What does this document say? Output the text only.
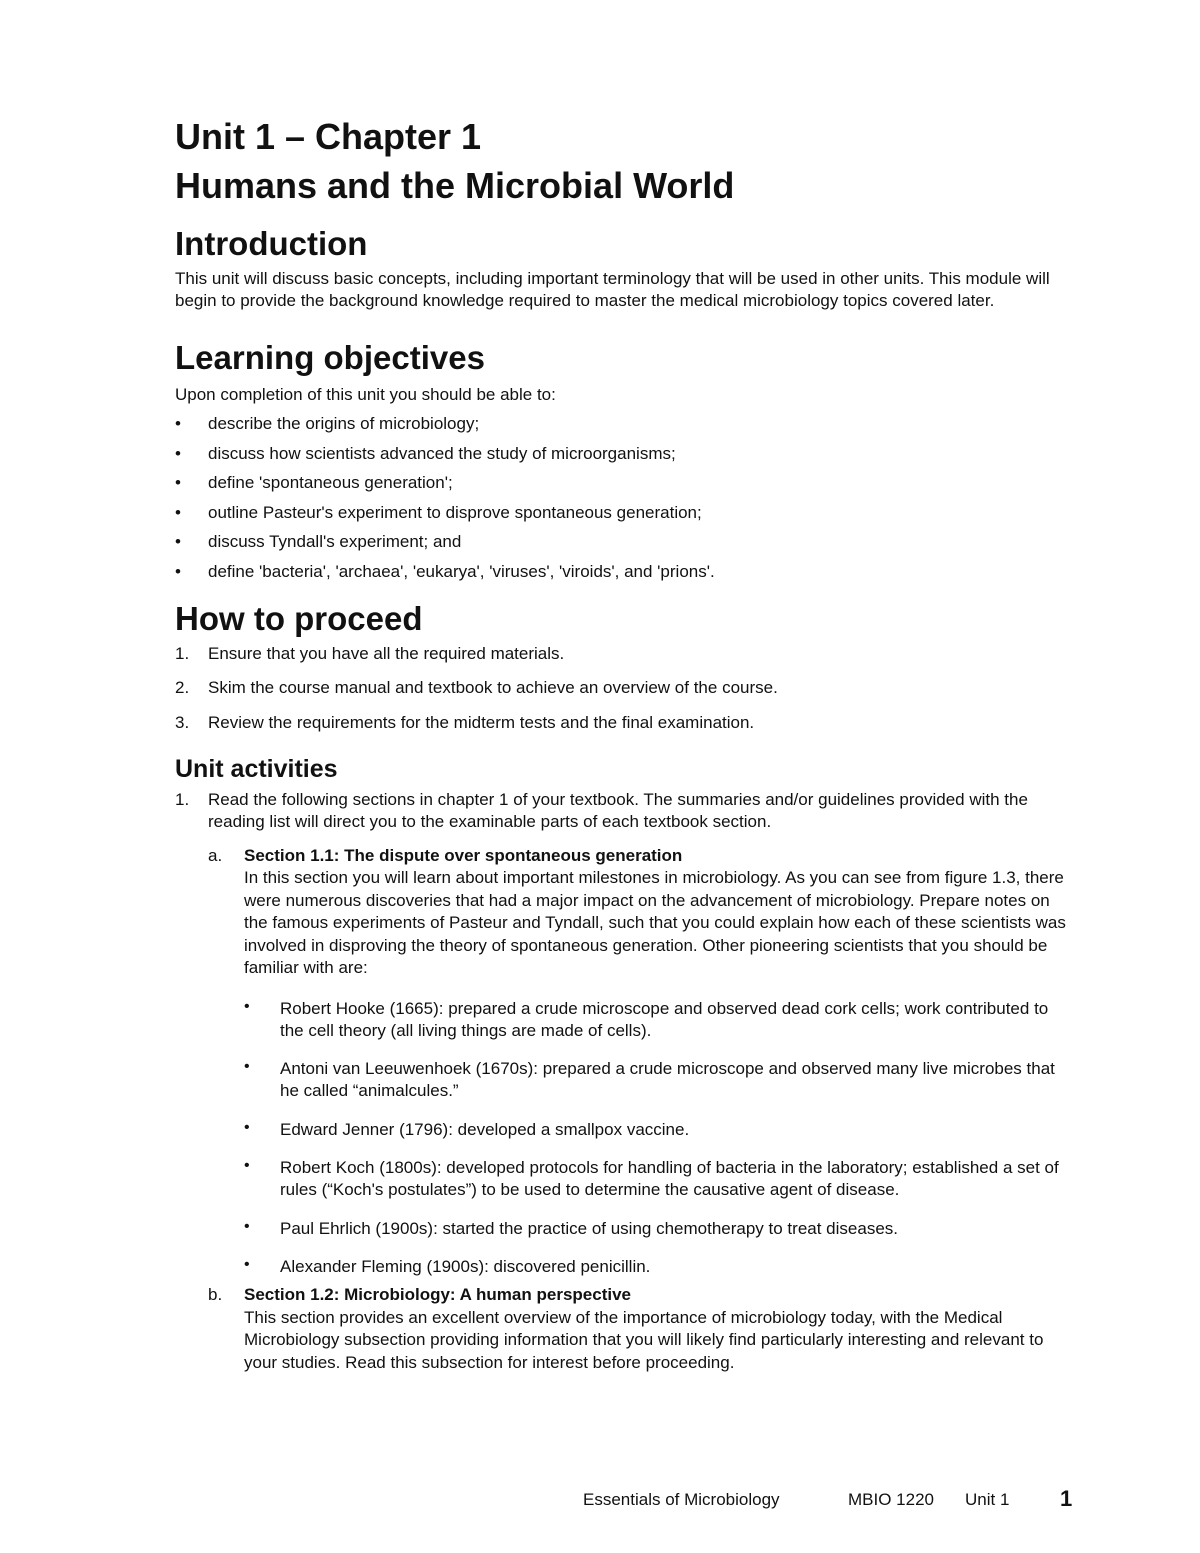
Unit 1 – Chapter 1
Humans and the Microbial World
Introduction

This unit will discuss basic concepts, including important terminology that will be used in other units. This module will begin to provide the background knowledge required to master the medical microbiology topics covered later.

Learning objectives

Upon completion of this unit you should be able to:

• describe the origins of microbiology;
• discuss how scientists advanced the study of microorganisms;
• define 'spontaneous generation';
• outline Pasteur's experiment to disprove spontaneous generation;
• discuss Tyndall's experiment; and
• define 'bacteria', 'archaea', 'eukarya', 'viruses', 'viroids', and 'prions'.
How to proceed
1. Ensure that you have all the required materials.
2. Skim the course manual and textbook to achieve an overview of the course.
3. Review the requirements for the midterm tests and the final examination.
Unit activities
1. Read the following sections in chapter 1 of your textbook. The summaries and/or guidelines provided with the reading list will direct you to the examinable parts of each textbook section.
a. Section 1.1: The dispute over spontaneous generation
In this section you will learn about important milestones in microbiology. As you can see from figure 1.3, there were numerous discoveries that had a major impact on the advancement of microbiology. Prepare notes on the famous experiments of Pasteur and Tyndall, such that you could explain how each of these scientists was involved in disproving the theory of spontaneous generation. Other pioneering scientists that you should be familiar with are:
• Robert Hooke (1665): prepared a crude microscope and observed dead cork cells; work contributed to the cell theory (all living things are made of cells).
• Antoni van Leeuwenhoek (1670s): prepared a crude microscope and observed many live microbes that he called “animalcules.”
• Edward Jenner (1796): developed a smallpox vaccine.
• Robert Koch (1800s): developed protocols for handling of bacteria in the laboratory; established a set of rules (“Koch's postulates”) to be used to determine the causative agent of disease.
• Paul Ehrlich (1900s): started the practice of using chemotherapy to treat diseases.
• Alexander Fleming (1900s): discovered penicillin.
b. Section 1.2: Microbiology: A human perspective
This section provides an excellent overview of the importance of microbiology today, with the Medical Microbiology subsection providing information that you will likely find particularly interesting and relevant to your studies. Read this subsection for interest before proceeding.
Essentials of Microbiology	MBIO 1220 Unit 1 1
